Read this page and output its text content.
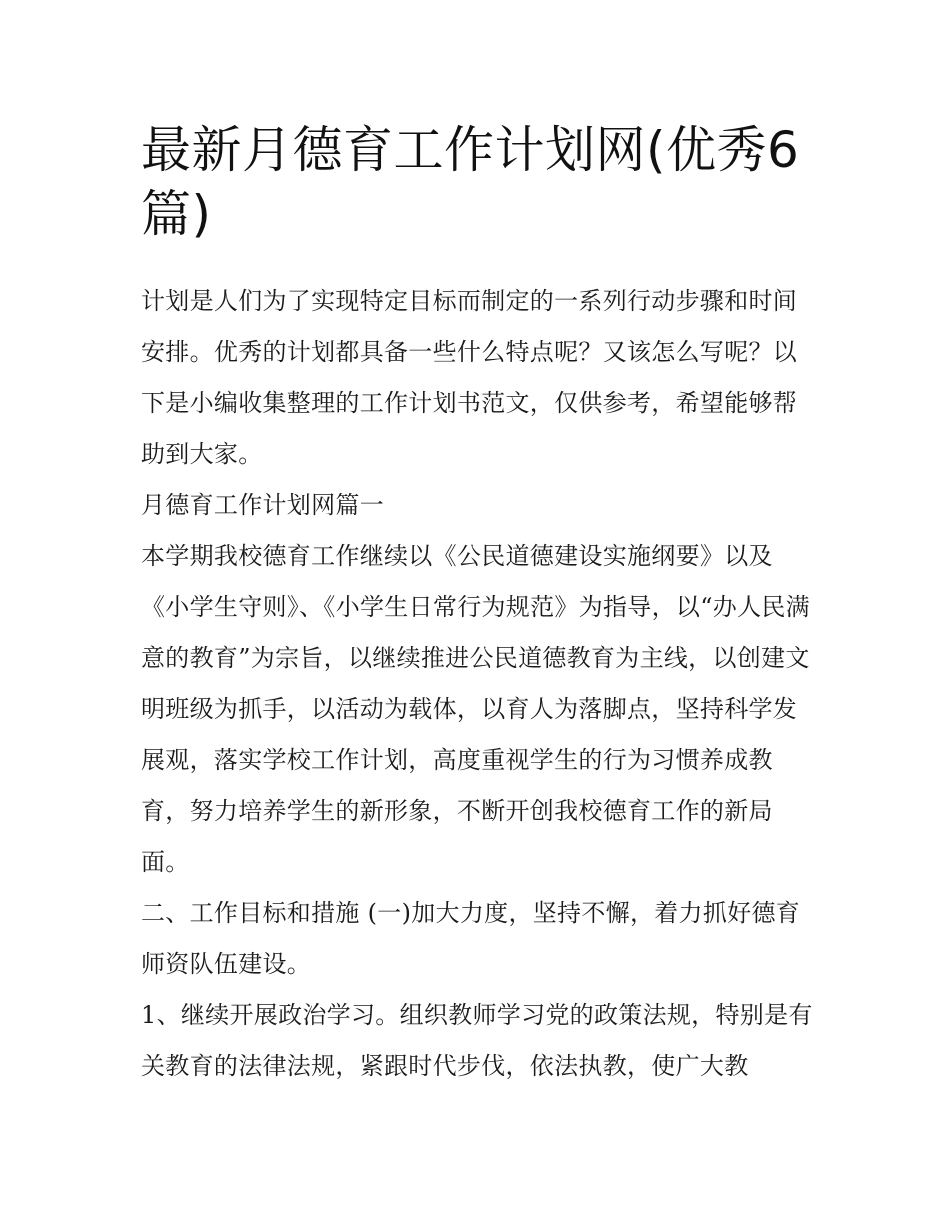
最新月德育工作计划网(优秀6篇)

计划是人们为了实现特定目标而制定的一系列行动步骤和时间安排。优秀的计划都具备一些什么特点呢？又该怎么写呢？以下是小编收集整理的工作计划书范文，仅供参考，希望能够帮助到大家。

月德育工作计划网篇一

本学期我校德育工作继续以《公民道德建设实施纲要》以及《小学生守则》、《小学生日常行为规范》为指导，以“办人民满意的教育”为宗旨，以继续推进公民道德教育为主线，以创建文明班级为抓手，以活动为载体，以育人为落脚点，坚持科学发展观，落实学校工作计划，高度重视学生的行为习惯养成教育，努力培养学生的新形象，不断开创我校德育工作的新局面。

二、工作目标和措施 (一)加大力度，坚持不懈，着力抓好德育师资队伍建设。

1、继续开展政治学习。组织教师学习党的政策法规，特别是有关教育的法律法规，紧跟时代步伐，依法执教，使广大教
